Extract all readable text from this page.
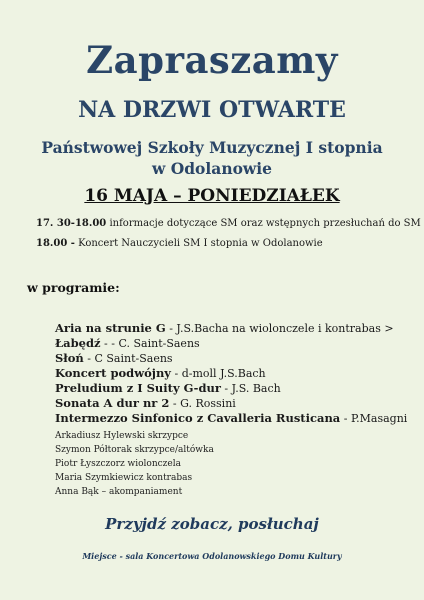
Zapraszamy
NA DRZWI OTWARTE
Państwowej Szkoły Muzycznej I stopnia
w Odolanowie
16 MAJA – PONIEDZIAŁEK
17. 30-18.00 informacje dotyczące SM oraz wstępnych przesłuchań do SM
18.00 - Koncert Nauczycieli SM I stopnia w Odolanowie
w programie:
Aria na strunie G - J.S.Bacha na wiolonczele i kontrabas >
Łabędź - - C. Saint-Saens
Słoń - C Saint-Saens
Koncert podwójny - d-moll J.S.Bach
Preludium z I Suity G-dur - J.S. Bach
Sonata A dur nr 2 - G. Rossini
Intermezzo Sinfonico z Cavalleria Rusticana - P.Masagni
Arkadiusz Hylewski skrzypce
Szymon Półtorak skrzypce/altówka
Piotr Łyszczorz wiolonczela
Maria Szymkiewicz kontrabas
Anna Bąk – akompaniament
Przyjdź zobacz, posłuchaj
Miejsce - sala Koncertowa Odolanowskiego Domu Kultury
